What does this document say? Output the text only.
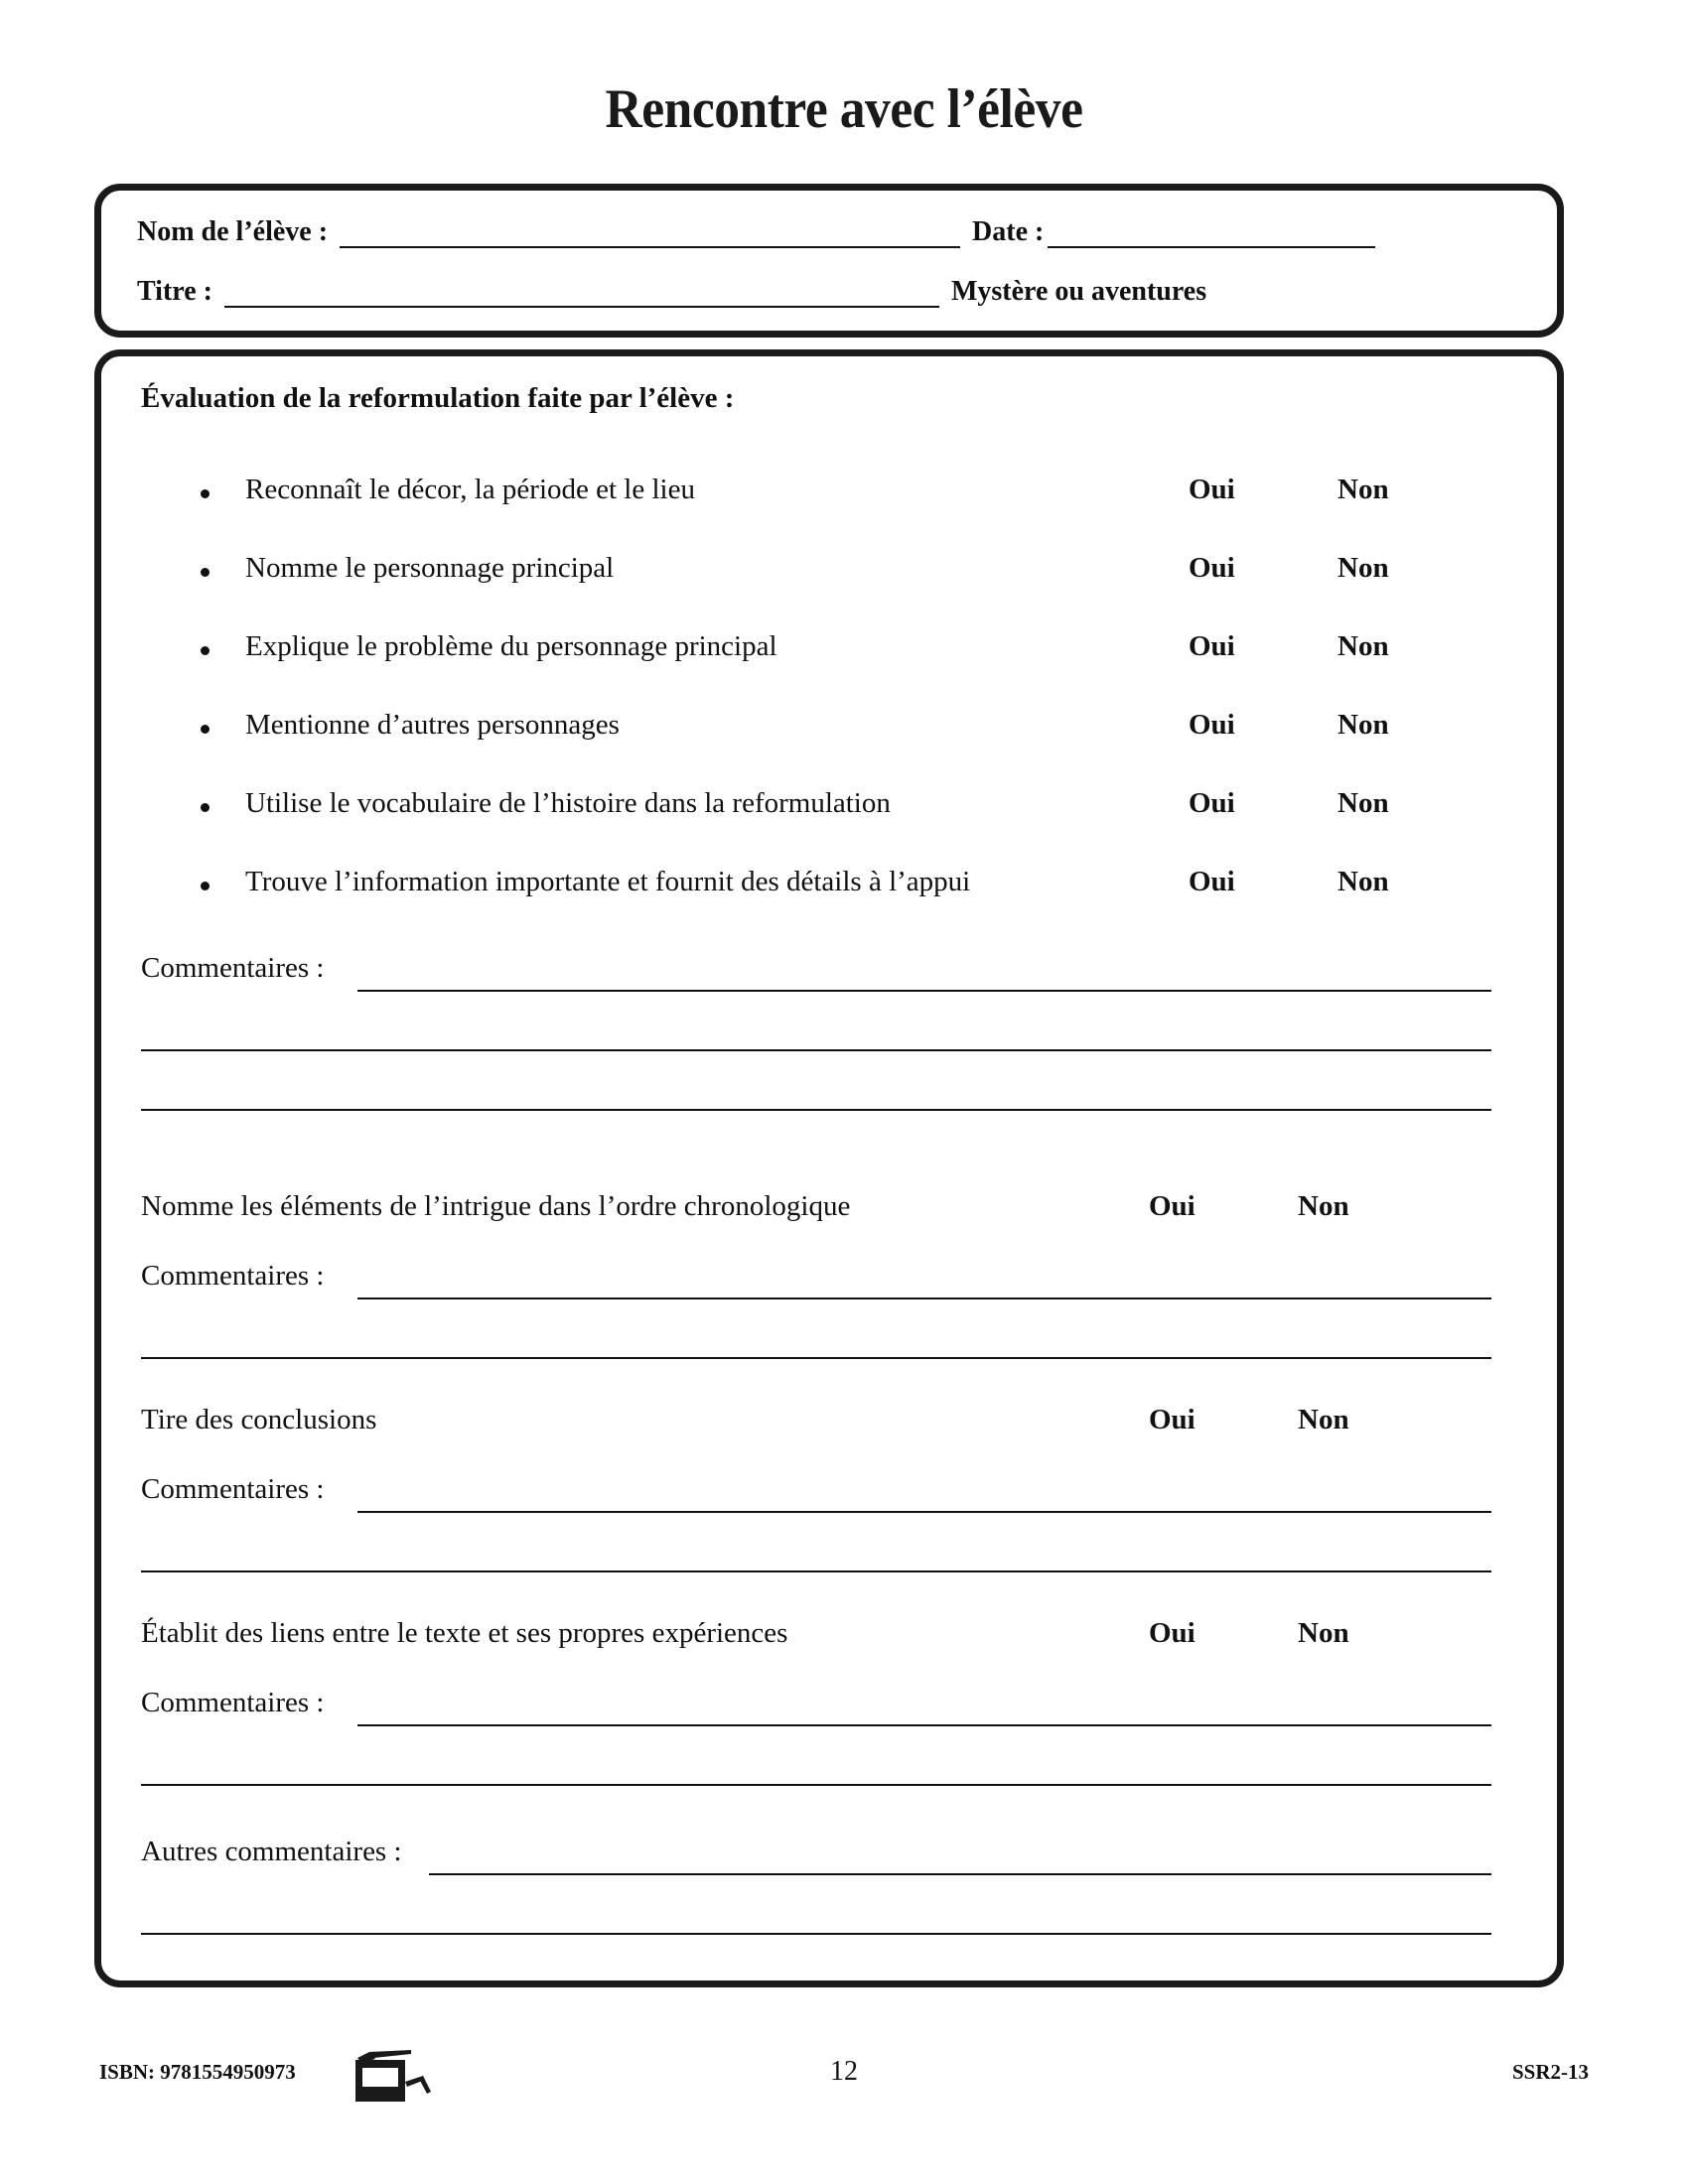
Rencontre avec l’élève
Nom de l’élève :	Date :
Titre :	Mystère ou aventures
Évaluation de la reformulation faite par l’élève :
Reconnaît le décor, la période et le lieu	Oui	Non
Nomme le personnage principal	Oui	Non
Explique le problème du personnage principal	Oui	Non
Mentionne d’autres personnages	Oui	Non
Utilise le vocabulaire de l’histoire dans la reformulation	Oui	Non
Trouve l’information importante et fournit des détails à l’appui	Oui	Non
Commentaires :
Nomme les éléments de l’intrigue dans l’ordre chronologique	Oui	Non
Commentaires :
Tire des conclusions	Oui	Non
Commentaires :
Établit des liens entre le texte et ses propres expériences	Oui	Non
Commentaires :
Autres commentaires :
ISBN: 9781554950973	12	SSR2-13
